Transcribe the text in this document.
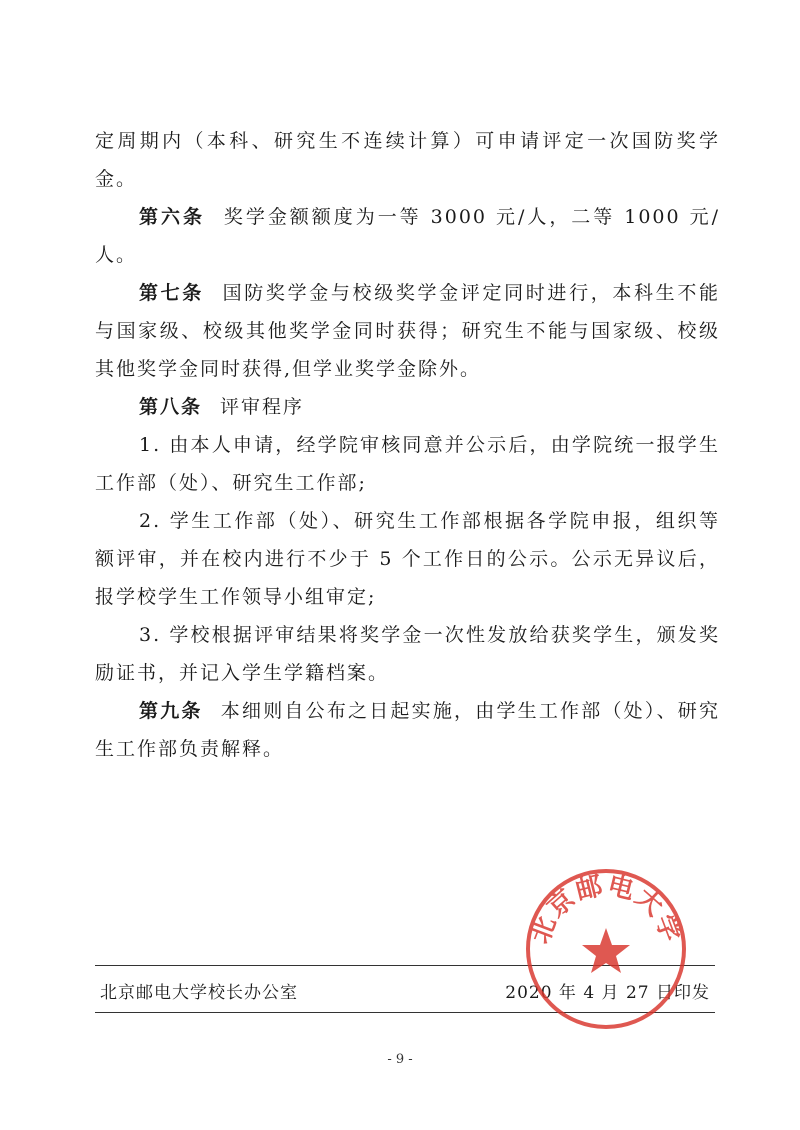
定周期内（本科、研究生不连续计算）可申请评定一次国防奖学金。

第六条 奖学金额额度为一等 3000 元/人，二等 1000 元/人。

第七条 国防奖学金与校级奖学金评定同时进行，本科生不能与国家级、校级其他奖学金同时获得；研究生不能与国家级、校级其他奖学金同时获得,但学业奖学金除外。

第八条 评审程序

1. 由本人申请，经学院审核同意并公示后，由学院统一报学生工作部（处）、研究生工作部;

2. 学生工作部（处）、研究生工作部根据各学院申报，组织等额评审，并在校内进行不少于 5 个工作日的公示。公示无异议后，报学校学生工作领导小组审定;

3. 学校根据评审结果将奖学金一次性发放给获奖学生，颁发奖励证书，并记入学生学籍档案。

第九条 本细则自公布之日起实施，由学生工作部（处）、研究生工作部负责解释。

北京邮电大学校长办公室	2020 年 4 月 27 日印发
北京邮电大学
- 9 -
